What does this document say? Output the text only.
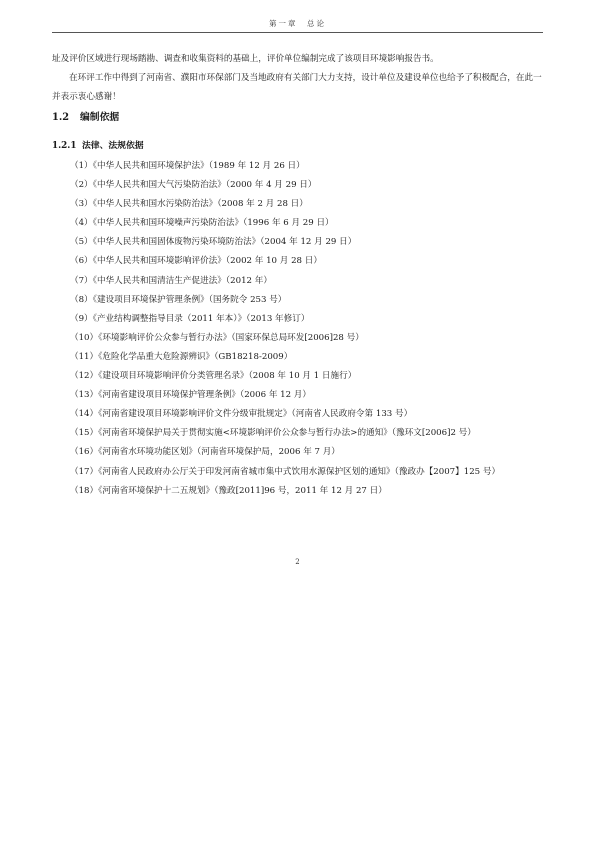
第一章　总论

址及评价区域进行现场踏勘、调查和收集资料的基础上，评价单位编制完成了该项目环境影响报告书。

在环评工作中得到了河南省、濮阳市环保部门及当地政府有关部门大力支持，设计单位及建设单位也给予了积极配合，在此一并表示衷心感谢！

1.2 编制依据
1.2.1 法律、法规依据
（1）《中华人民共和国环境保护法》（1989 年 12 月 26 日）
（2）《中华人民共和国大气污染防治法》（2000 年 4 月 29 日）
（3）《中华人民共和国水污染防治法》（2008 年 2 月 28 日）
（4）《中华人民共和国环境噪声污染防治法》（1996 年 6 月 29 日）
（5）《中华人民共和国固体废物污染环境防治法》（2004 年 12 月 29 日）
（6）《中华人民共和国环境影响评价法》（2002 年 10 月 28 日）
（7）《中华人民共和国清洁生产促进法》（2012 年）
（8）《建设项目环境保护管理条例》（国务院令 253 号）
（9）《产业结构调整指导目录（2011 年本）》（2013 年修订）
（10）《环境影响评价公众参与暂行办法》（国家环保总局环发[2006]28 号）
（11）《危险化学品重大危险源辨识》（GB18218-2009）
（12）《建设项目环境影响评价分类管理名录》（2008 年 10 月 1 日施行）
（13）《河南省建设项目环境保护管理条例》（2006 年 12 月）
（14）《河南省建设项目环境影响评价文件分级审批规定》（河南省人民政府令第 133 号）
（15）《河南省环境保护局关于贯彻实施<环境影响评价公众参与暂行办法>的通知》（豫环文[2006]2 号）
（16）《河南省水环境功能区划》（河南省环境保护局，2006 年 7 月）
（17）《河南省人民政府办公厅关于印发河南省城市集中式饮用水源保护区划的通知》（豫政办【2007】125 号）
（18）《河南省环境保护十二五规划》（豫政[2011]96 号，2011 年 12 月 27 日）
2
